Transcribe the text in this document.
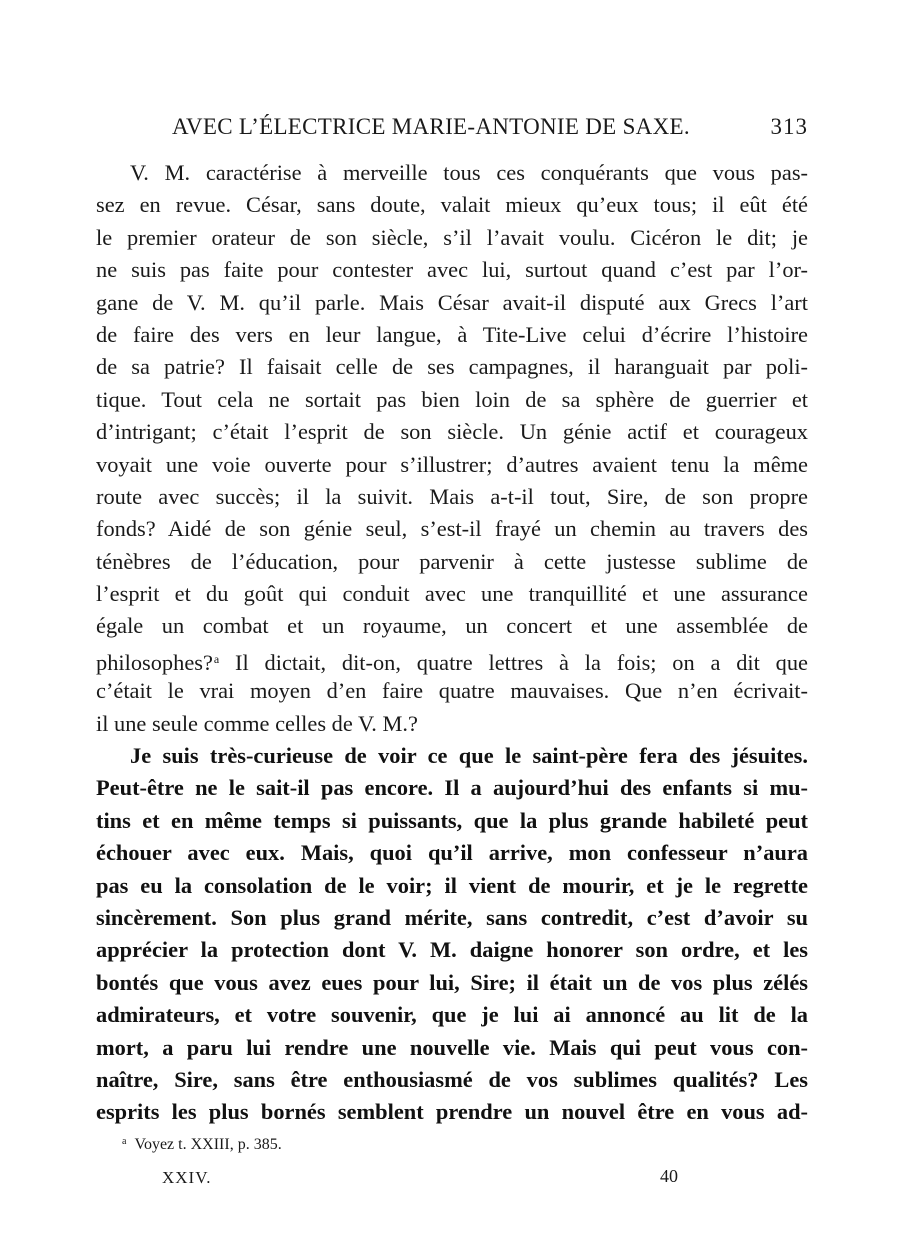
AVEC L’ÉLECTRICE MARIE-ANTONIE DE SAXE.	313
V. M. caractérise à merveille tous ces conquérants que vous pas-
sez en revue. César, sans doute, valait mieux qu’eux tous; il eût été
le premier orateur de son siècle, s’il l’avait voulu. Cicéron le dit; je
ne suis pas faite pour contester avec lui, surtout quand c’est par l’or-
gane de V. M. qu’il parle. Mais César avait-il disputé aux Grecs l’art
de faire des vers en leur langue, à Tite-Live celui d’écrire l’histoire
de sa patrie? Il faisait celle de ses campagnes, il haranguait par poli-
tique. Tout cela ne sortait pas bien loin de sa sphère de guerrier et
d’intrigant; c’était l’esprit de son siècle. Un génie actif et courageux
voyait une voie ouverte pour s’illustrer; d’autres avaient tenu la même
route avec succès; il la suivit. Mais a-t-il tout, Sire, de son propre
fonds? Aidé de son génie seul, s’est-il frayé un chemin au travers des
ténèbres de l’éducation, pour parvenir à cette justesse sublime de
l’esprit et du goût qui conduit avec une tranquillité et une assurance
égale un combat et un royaume, un concert et une assemblée de
philosophes?$^a$ Il dictait, dit-on, quatre lettres à la fois; on a dit que
c’était le vrai moyen d’en faire quatre mauvaises. Que n’en écrivait-
il une seule comme celles de V. M.?
Je suis très-curieuse de voir ce que le saint-père fera des jésuites.
Peut-être ne le sait-il pas encore. Il a aujourd’hui des enfants si mu-
tins et en même temps si puissants, que la plus grande habileté peut
échouer avec eux. Mais, quoi qu’il arrive, mon confesseur n’aura
pas eu la consolation de le voir; il vient de mourir, et je le regrette
sincèrement. Son plus grand mérite, sans contredit, c’est d’avoir su
apprécier la protection dont V. M. daigne honorer son ordre, et les
bontés que vous avez eues pour lui, Sire; il était un de vos plus zélés
admirateurs, et votre souvenir, que je lui ai annoncé au lit de la
mort, a paru lui rendre une nouvelle vie. Mais qui peut vous con-
naître, Sire, sans être enthousiasmé de vos sublimes qualités? Les
esprits les plus bornés semblent prendre un nouvel être en vous ad-
$^a$ Voyez t. XXIII, p. 385.
XXIV.	40
